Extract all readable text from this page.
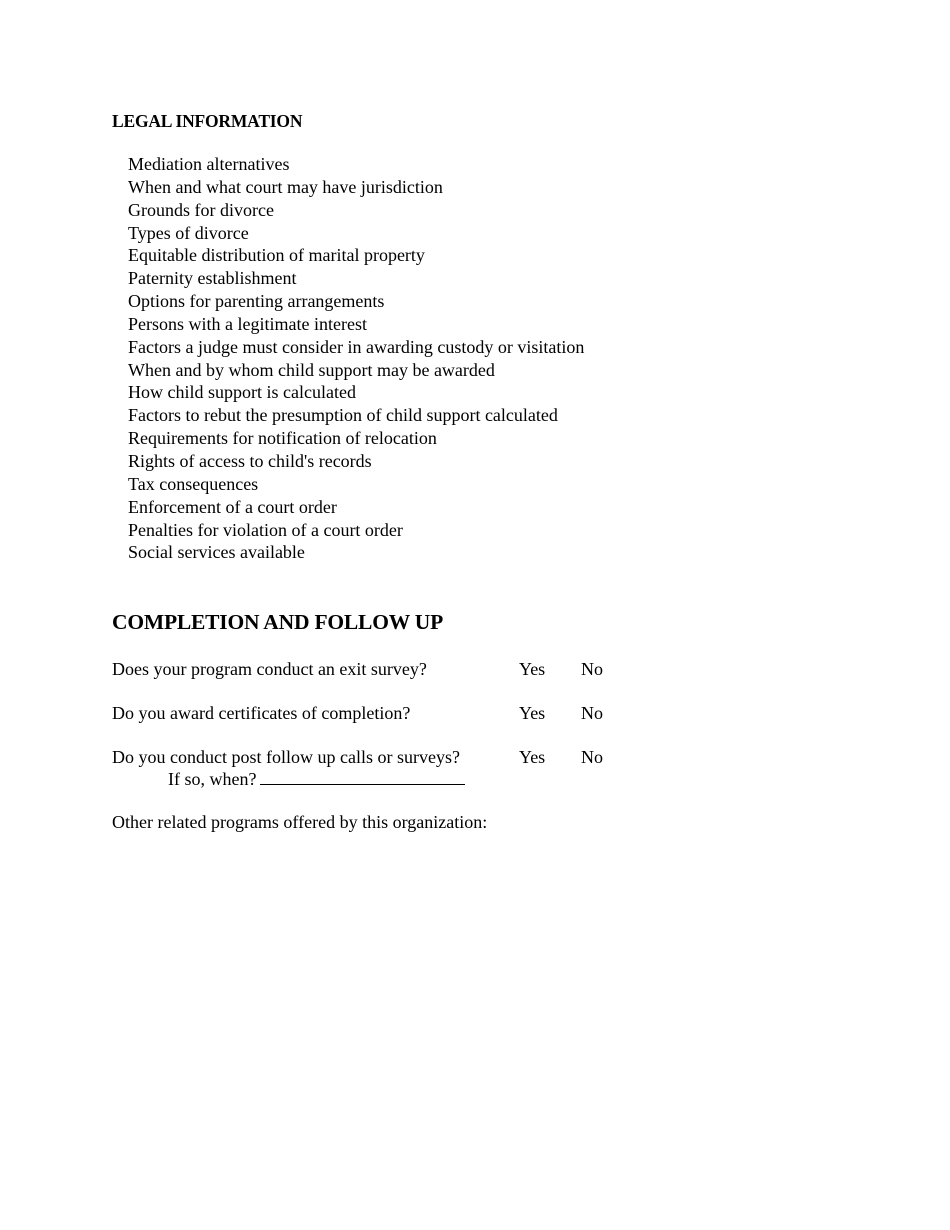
LEGAL INFORMATION
Mediation alternatives
When and what court may have jurisdiction
Grounds for divorce
Types of divorce
Equitable distribution of marital property
Paternity establishment
Options for parenting arrangements
Persons with a legitimate interest
Factors a judge must consider in awarding custody or visitation
When and by whom child support may be awarded
How child support is calculated
Factors to rebut the presumption of child support calculated
Requirements for notification of relocation
Rights of access to child's records
Tax consequences
Enforcement of a court order
Penalties for violation of a court order
Social services available
COMPLETION AND FOLLOW UP
Does your program conduct an exit survey?	Yes No
Do you award certificates of completion?	Yes No
Do you conduct post follow up calls or surveys?	Yes No
If so, when?
Other related programs offered by this organization:
